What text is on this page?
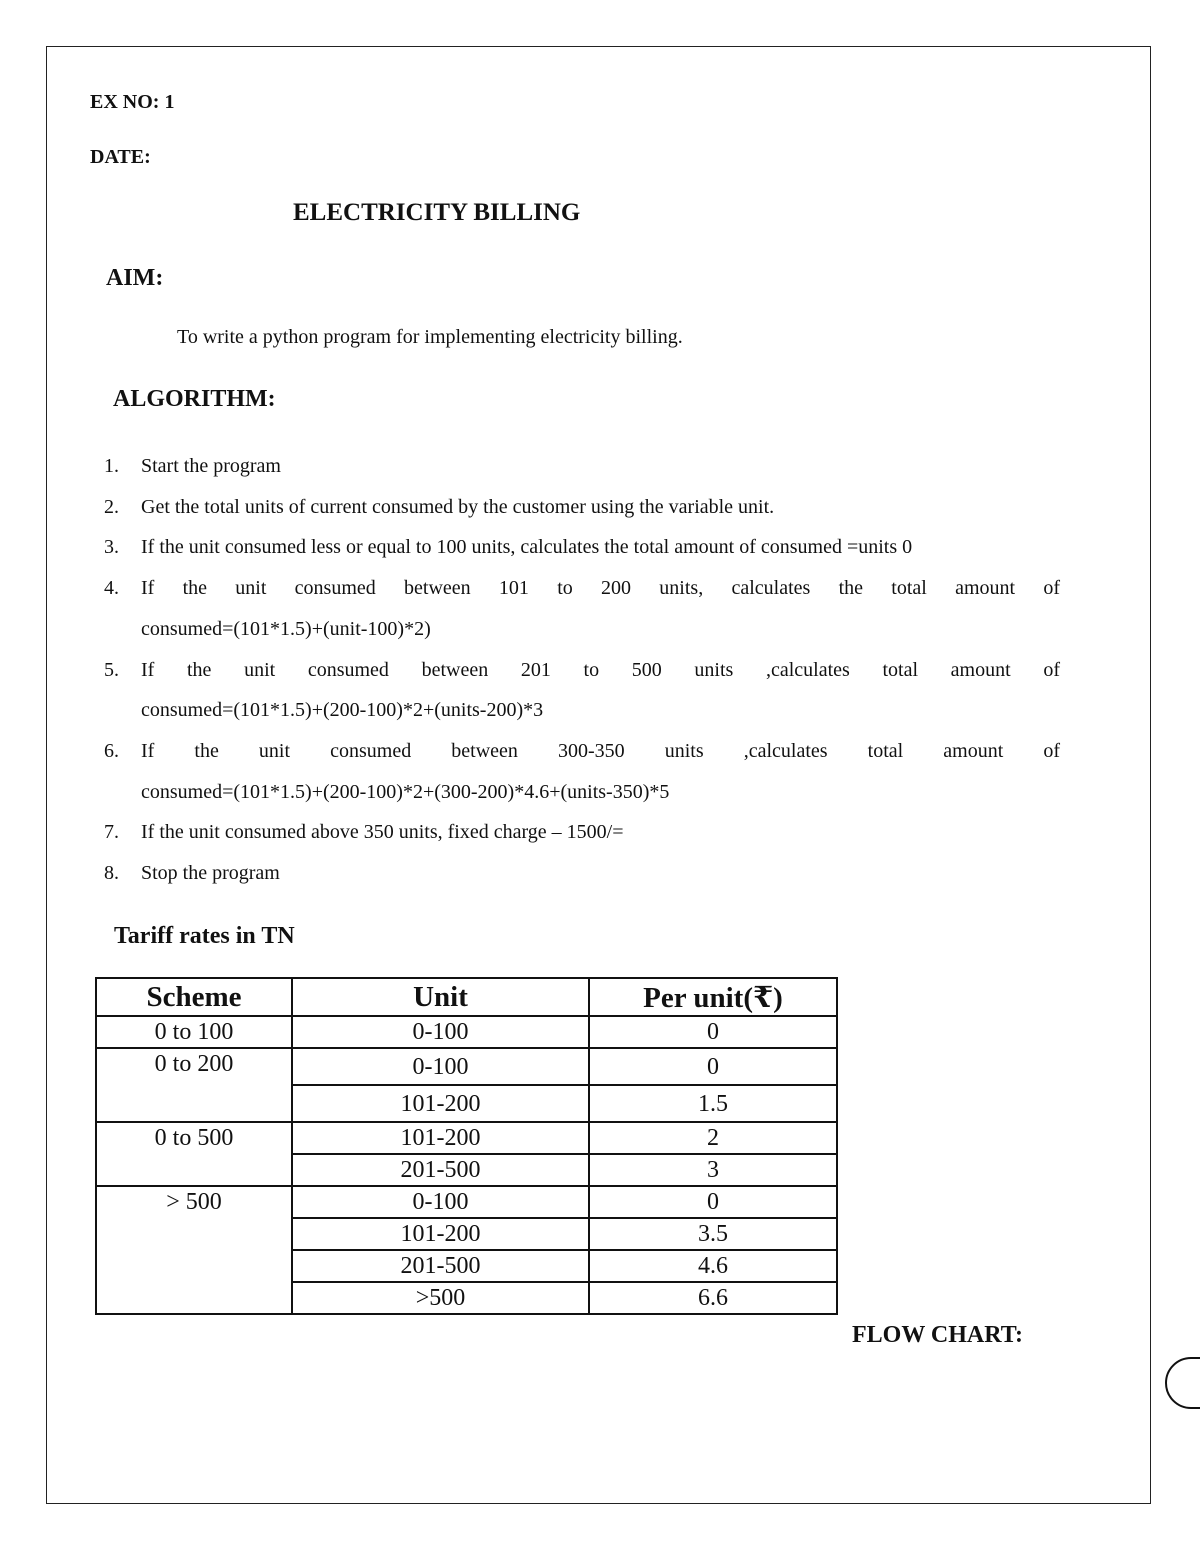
EX NO: 1
DATE:
ELECTRICITY BILLING
AIM:
To write a python program for implementing electricity billing.
ALGORITHM:
1. Start the program
2. Get the total units of current consumed by the customer using the variable unit.
3. If the unit consumed less or equal to 100 units, calculates the total amount of consumed =units 0
4. If the unit consumed between 101 to 200 units, calculates the total amount of
consumed=(101*1.5)+(unit-100)*2)
5. If the unit consumed between 201 to 500 units ,calculates total amount of
consumed=(101*1.5)+(200-100)*2+(units-200)*3
6. If the unit consumed between 300-350 units ,calculates total amount of
consumed=(101*1.5)+(200-100)*2+(300-200)*4.6+(units-350)*5
7. If the unit consumed above 350 units, fixed charge – 1500/=
8. Stop the program
Tariff rates in TN
Scheme	Unit	Per unit(₹)
0 to 100	0-100	0
0 to 200	0-100	0
	101-200	1.5
0 to 500	101-200	2
	201-500	3
> 500	0-100	0
	101-200	3.5
	201-500	4.6
	>500	6.6
FLOW CHART:
